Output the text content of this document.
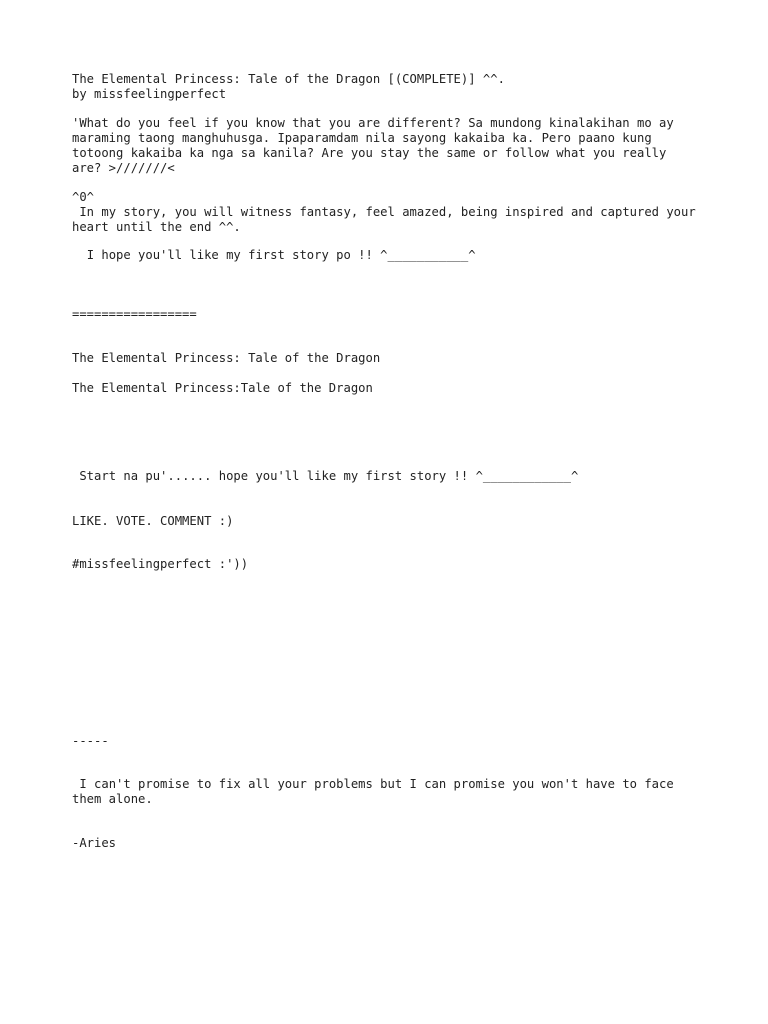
The Elemental Princess: Tale of the Dragon [(COMPLETE)] ^^.

by missfeelingperfect

'What do you feel if you know that you are different? Sa mundong kinalakihan mo ay maraming taong manghuhusga. Ipaparamdam nila sayong kakaiba ka. Pero paano kung totoong kakaiba ka nga sa kanila? Are you stay the same or follow what you really are? >///////<

^0^

In my story, you will witness fantasy, feel amazed, being inspired and captured your heart until the end ^^.

I hope you'll like my first story po !! ^___________^

=================

The Elemental Princess: Tale of the Dragon

The Elemental Princess:Tale of the Dragon

Start na pu'...... hope you'll like my first story !! ^____________^

LIKE. VOTE. COMMENT :)

#missfeelingperfect :'))

-----

I can't promise to fix all your problems but I can promise you won't have to face them alone.

-Aries
